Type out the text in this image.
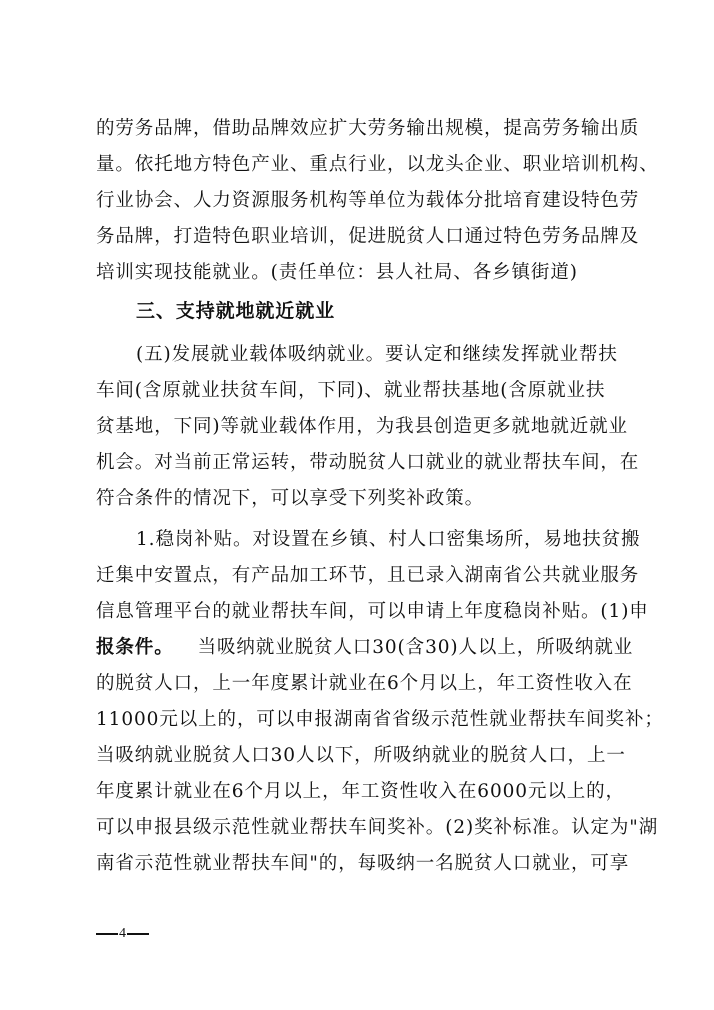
的劳务品牌，借助品牌效应扩大劳务输出规模，提高劳务输出质
量。依托地方特色产业、重点行业，以龙头企业、职业培训机构、
行业协会、人力资源服务机构等单位为载体分批培育建设特色劳
务品牌，打造特色职业培训，促进脱贫人口通过特色劳务品牌及
培训实现技能就业。(责任单位：县人社局、各乡镇街道)
三、支持就地就近就业
(五)发展就业载体吸纳就业。要认定和继续发挥就业帮扶
车间(含原就业扶贫车间，下同)、就业帮扶基地(含原就业扶
贫基地，下同)等就业载体作用，为我县创造更多就地就近就业
机会。对当前正常运转，带动脱贫人口就业的就业帮扶车间，在
符合条件的情况下，可以享受下列奖补政策。
1.稳岗补贴。对设置在乡镇、村人口密集场所，易地扶贫搬
迁集中安置点，有产品加工环节，且已录入湖南省公共就业服务
信息管理平台的就业帮扶车间，可以申请上年度稳岗补贴。(1)申
报条件。 当吸纳就业脱贫人口30(含30)人以上，所吸纳就业
的脱贫人口，上一年度累计就业在6个月以上，年工资性收入在
11000元以上的，可以申报湖南省省级示范性就业帮扶车间奖补；
当吸纳就业脱贫人口30人以下，所吸纳就业的脱贫人口，上一
年度累计就业在6个月以上，年工资性收入在6000元以上的，
可以申报县级示范性就业帮扶车间奖补。(2)奖补标准。认定为"湖
南省示范性就业帮扶车间"的，每吸纳一名脱贫人口就业，可享
4
